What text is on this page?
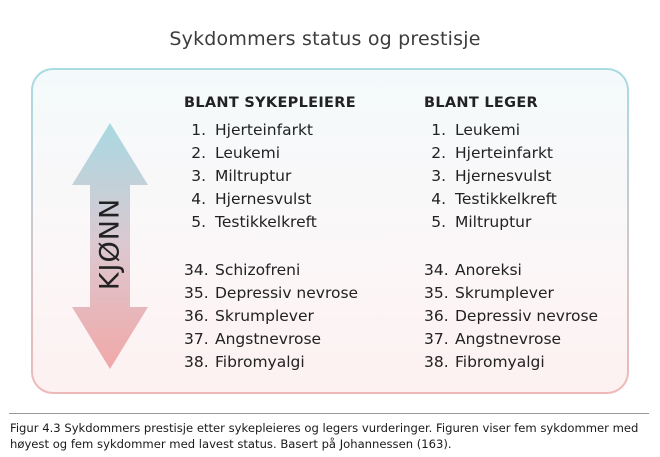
Sykdommers status og prestisje
KJØNN
BLANT SYKEPLEIERE
1. Hjerteinfarkt
2. Leukemi
3. Miltruptur
4. Hjernesvulst
5. Testikkelkreft
34. Schizofreni
35. Depressiv nevrose
36. Skrumplever
37. Angstnevrose
38. Fibromyalgi
BLANT LEGER
1. Leukemi
2. Hjerteinfarkt
3. Hjernesvulst
4. Testikkelkreft
5. Miltruptur
34. Anoreksi
35. Skrumplever
36. Depressiv nevrose
37. Angstnevrose
38. Fibromyalgi
Figur 4.3 Sykdommers prestisje etter sykepleieres og legers vurderinger. Figuren viser fem sykdommer med høyest og fem sykdommer med lavest status. Basert på Johannessen (163).
